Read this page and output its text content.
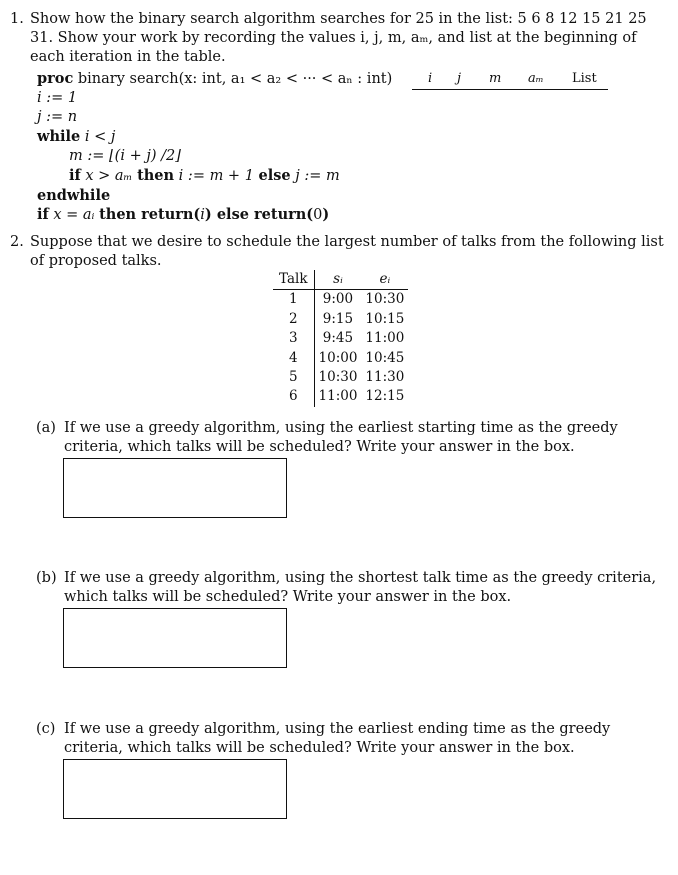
1. Show how the binary search algorithm searches for 25 in the list: 5 6 8 12 15 21 25 31. Show your work by recording the values i, j, m, aₘ, and list at the beginning of each iteration in the table.
proc binary search(x: int, a₁ < a₂ < ··· < aₙ : int)
i := 1
j := n
while i < j
m := ⌊(i + j) /2⌋
if x > aₘ then i := m + 1 else j := m
endwhile
if x = aᵢ then return(i) else return(0)
i j m aₘ List
2. Suppose that we desire to schedule the largest number of talks from the following list of proposed talks.
Talk	sᵢ	eᵢ
1	9:00	10:30
2	9:15	10:15
3	9:45	11:00
4	10:00	10:45
5	10:30	11:30
6	11:00	12:15
(a) If we use a greedy algorithm, using the earliest starting time as the greedy criteria, which talks will be scheduled? Write your answer in the box.
(b) If we use a greedy algorithm, using the shortest talk time as the greedy criteria, which talks will be scheduled? Write your answer in the box.
(c) If we use a greedy algorithm, using the earliest ending time as the greedy criteria, which talks will be scheduled? Write your answer in the box.
